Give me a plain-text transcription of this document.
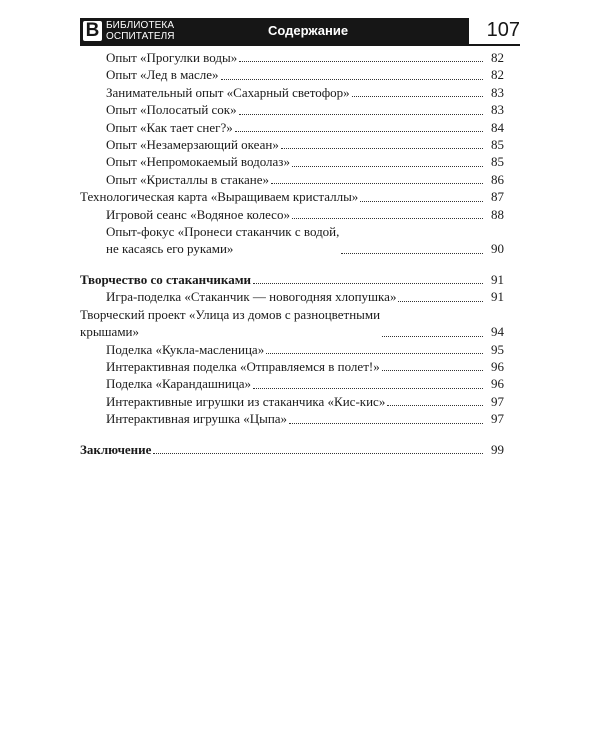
В БИБЛИОТЕКА
ОСПИТАТЕЛЯ	Содержание	107
Опыт «Прогулки воды»	82
Опыт «Лед в масле»	82
Занимательный опыт «Сахарный светофор»	83
Опыт «Полосатый сок»	83
Опыт «Как тает снег?»	84
Опыт «Незамерзающий океан»	85
Опыт «Непромокаемый водолаз»	85
Опыт «Кристаллы в стакане»	86
Технологическая карта «Выращиваем кристаллы»	87
Игровой сеанс «Водяное колесо»	88
Опыт-фокус «Пронеси стаканчик с водой,
не касаясь его руками»	90
Творчество со стаканчиками	91
Игра-поделка «Стаканчик — новогодняя хлопушка»	91
Творческий проект «Улица из домов с разноцветными
крышами»	94
Поделка «Кукла-масленица»	95
Интерактивная поделка «Отправляемся в полет!»	96
Поделка «Карандашница»	96
Интерактивные игрушки из стаканчика «Кис-кис»	97
Интерактивная игрушка «Цыпа»	97
Заключение	99
